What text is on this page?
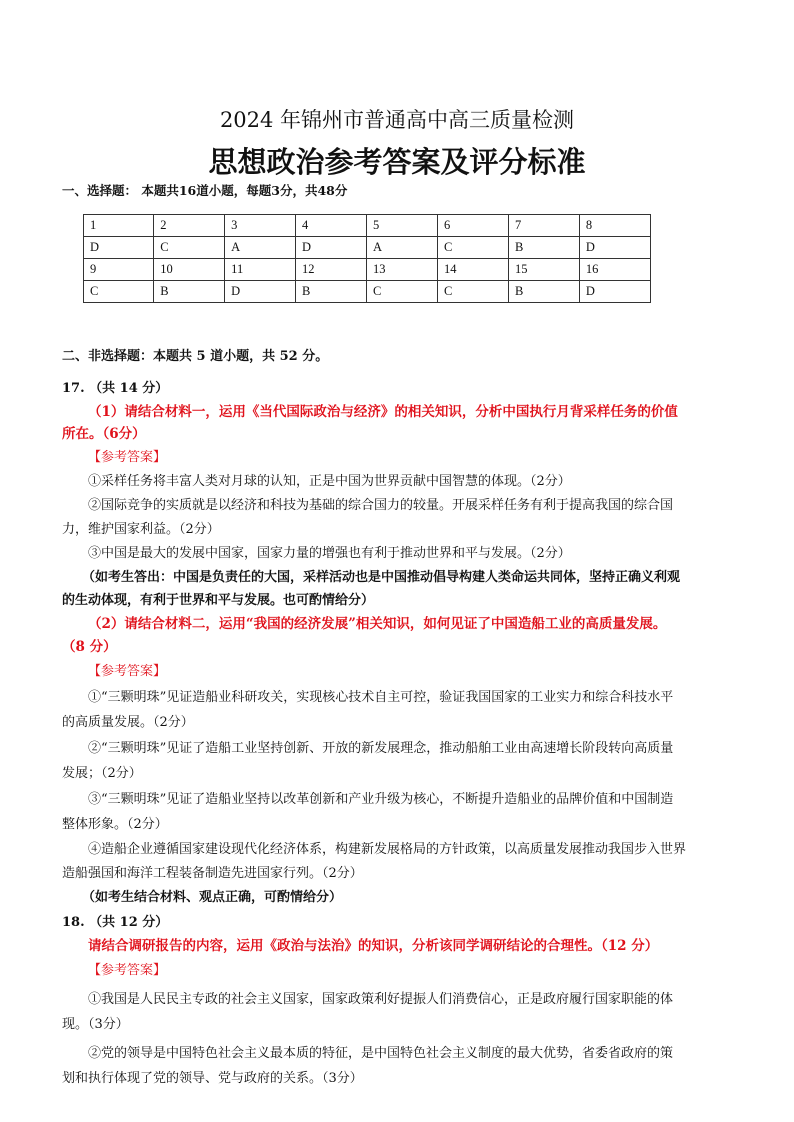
2024 年锦州市普通高中高三质量检测
思想政治参考答案及评分标准
一、选择题： 本题共16道小题，每题3分，共48分
1	2	3	4	5	6	7	8
D	C	A	D	A	C	B	D
9	10	11	12	13	14	15	16
C	B	D	B	C	C	B	D
二、非选择题：本题共 5 道小题，共 52 分。
17. （共 14 分）
（1）请结合材料一，运用《当代国际政治与经济》的相关知识，分析中国执行月背采样任务的价值
所在。（6分）
【参考答案】
①采样任务将丰富人类对月球的认知，正是中国为世界贡献中国智慧的体现。（2分）
②国际竞争的实质就是以经济和科技为基础的综合国力的较量。开展采样任务有利于提高我国的综合国
力，维护国家利益。（2分）
③中国是最大的发展中国家，国家力量的增强也有利于推动世界和平与发展。（2分）
（如考生答出：中国是负责任的大国，采样活动也是中国推动倡导构建人类命运共同体，坚持正确义利观
的生动体现，有利于世界和平与发展。也可酌情给分）
（2）请结合材料二，运用“我国的经济发展”相关知识，如何见证了中国造船工业的高质量发展。
（8 分）
【参考答案】
①“三颗明珠”见证造船业科研攻关，实现核心技术自主可控，验证我国国家的工业实力和综合科技水平
的高质量发展。（2分）
②“三颗明珠”见证了造船工业坚持创新、开放的新发展理念，推动船舶工业由高速增长阶段转向高质量
发展；（2分）
③“三颗明珠”见证了造船业坚持以改革创新和产业升级为核心，不断提升造船业的品牌价值和中国制造
整体形象。（2分）
④造船企业遵循国家建设现代化经济体系，构建新发展格局的方针政策，以高质量发展推动我国步入世界
造船强国和海洋工程装备制造先进国家行列。（2分）
（如考生结合材料、观点正确，可酌情给分）
18. （共 12 分）
请结合调研报告的内容，运用《政治与法治》的知识，分析该同学调研结论的合理性。（12 分）
【参考答案】
①我国是人民民主专政的社会主义国家，国家政策利好提振人们消费信心，正是政府履行国家职能的体
现。（3分）
②党的领导是中国特色社会主义最本质的特征，是中国特色社会主义制度的最大优势，省委省政府的策
划和执行体现了党的领导、党与政府的关系。（3分）
